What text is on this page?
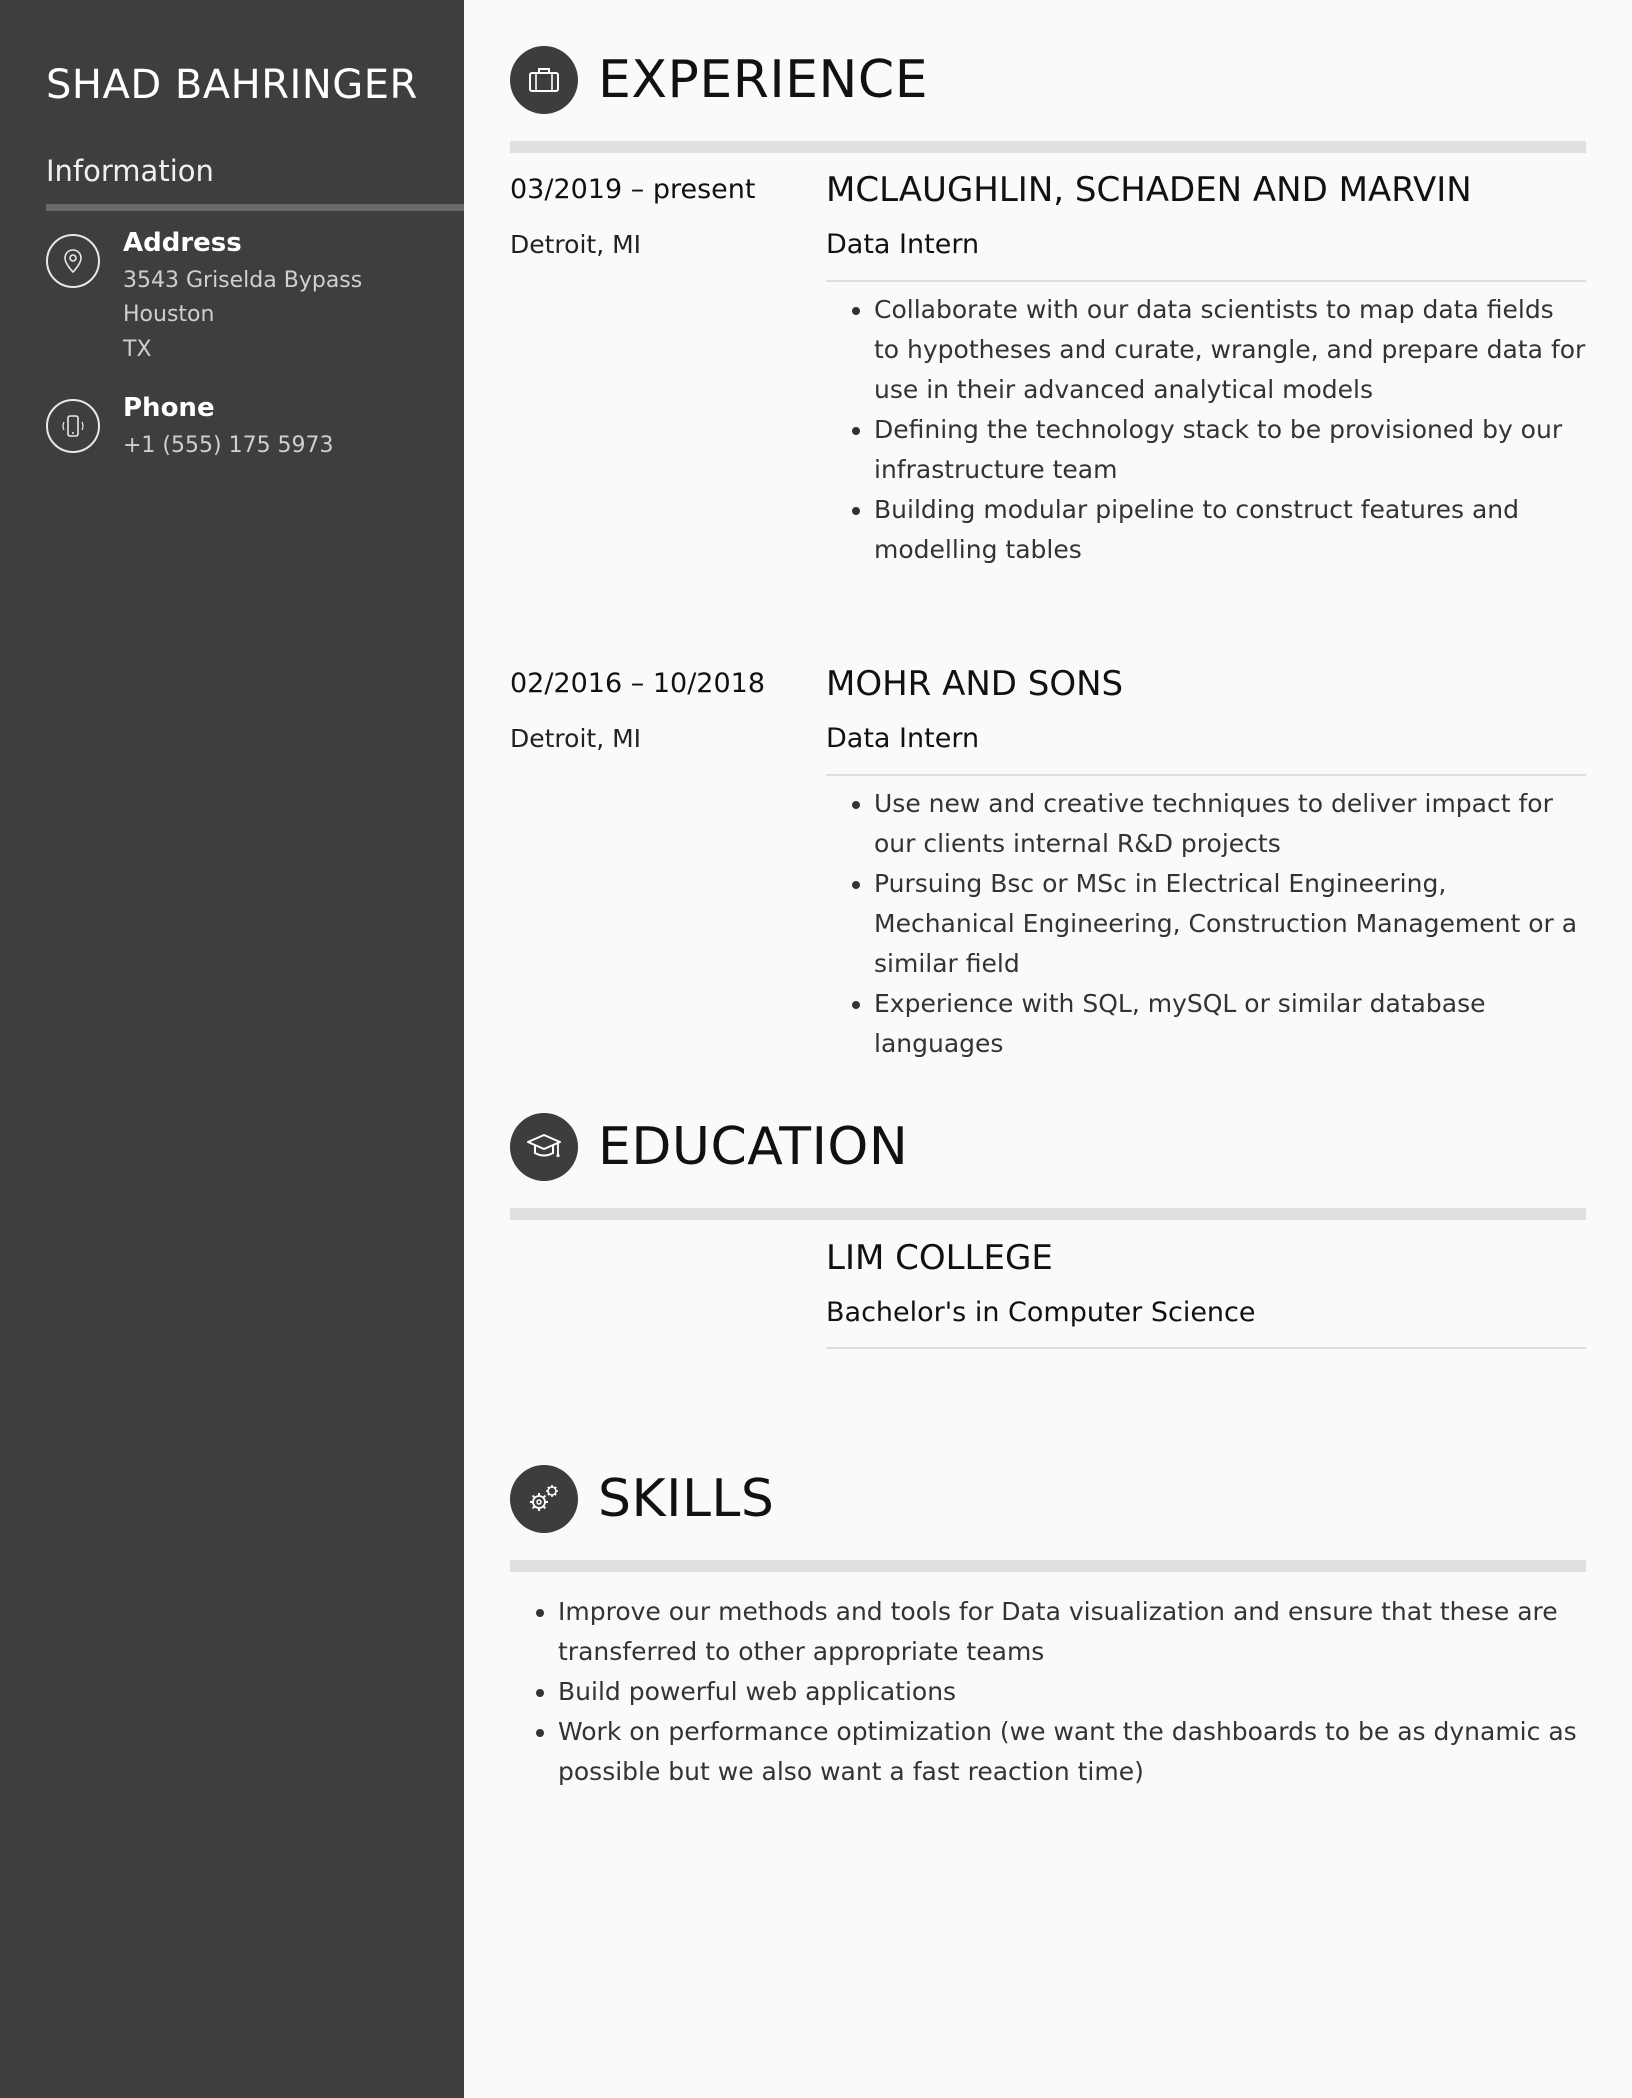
SHAD BAHRINGER
Information
Address
3543 Griselda Bypass
Houston
TX
Phone
+1 (555) 175 5973
EXPERIENCE
03/2019 – present
Detroit, MI
MCLAUGHLIN, SCHADEN AND MARVIN
Data Intern
• Collaborate with our data scientists to map data fields to hypotheses and curate, wrangle, and prepare data for use in their advanced analytical models
• Defining the technology stack to be provisioned by our infrastructure team
• Building modular pipeline to construct features and modelling tables
02/2016 – 10/2018
Detroit, MI
MOHR AND SONS
Data Intern
• Use new and creative techniques to deliver impact for our clients internal R&D projects
• Pursuing Bsc or MSc in Electrical Engineering, Mechanical Engineering, Construction Management or a similar field
• Experience with SQL, mySQL or similar database languages
EDUCATION
LIM COLLEGE
Bachelor's in Computer Science
SKILLS
• Improve our methods and tools for Data visualization and ensure that these are transferred to other appropriate teams
• Build powerful web applications
• Work on performance optimization (we want the dashboards to be as dynamic as possible but we also want a fast reaction time)
